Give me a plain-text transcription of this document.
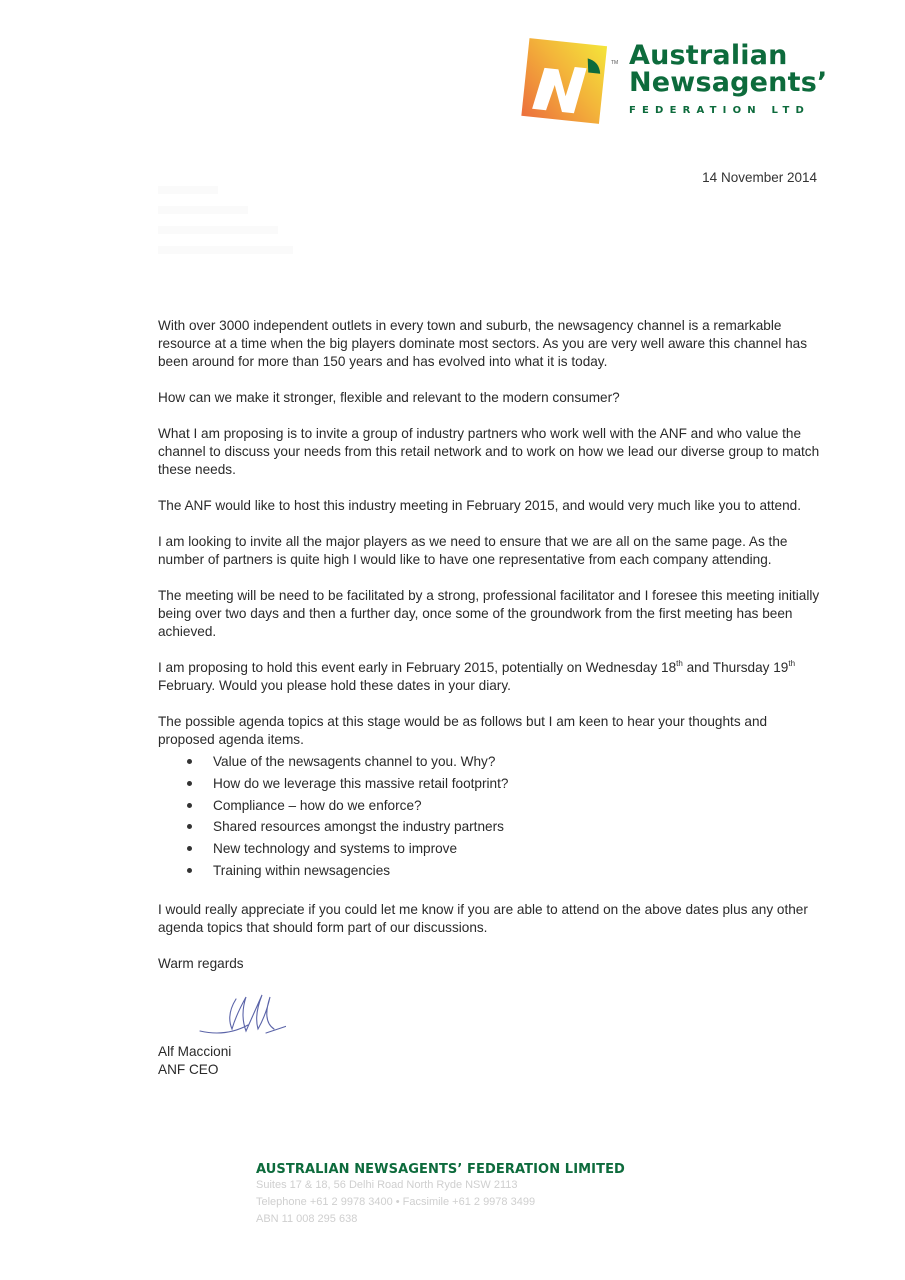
TM Australian
Newsagents’
FEDERATION LTD
14 November 2014

With over 3000 independent outlets in every town and suburb, the newsagency channel is a remarkable resource at a time when the big players dominate most sectors. As you are very well aware this channel has been around for more than 150 years and has evolved into what it is today.

How can we make it stronger, flexible and relevant to the modern consumer?

What I am proposing is to invite a group of industry partners who work well with the ANF and who value the channel to discuss your needs from this retail network and to work on how we lead our diverse group to match these needs.

The ANF would like to host this industry meeting in February 2015, and would very much like you to attend.

I am looking to invite all the major players as we need to ensure that we are all on the same page. As the number of partners is quite high I would like to have one representative from each company attending.

The meeting will be need to be facilitated by a strong, professional facilitator and I foresee this meeting initially being over two days and then a further day, once some of the groundwork from the first meeting has been achieved.

I am proposing to hold this event early in February 2015, potentially on Wednesday 18th and Thursday 19th February. Would you please hold these dates in your diary.

The possible agenda topics at this stage would be as follows but I am keen to hear your thoughts and proposed agenda items.

Value of the newsagents channel to you. Why?
How do we leverage this massive retail footprint?
Compliance – how do we enforce?
Shared resources amongst the industry partners
New technology and systems to improve
Training within newsagencies

I would really appreciate if you could let me know if you are able to attend on the above dates plus any other agenda topics that should form part of our discussions.

Warm regards

Alf Maccioni
ANF CEO
AUSTRALIAN NEWSAGENTS’ FEDERATION LIMITED
Suites 17 & 18, 56 Delhi Road North Ryde NSW 2113
Telephone +61 2 9978 3400 • Facsimile +61 2 9978 3499
ABN 11 008 295 638
